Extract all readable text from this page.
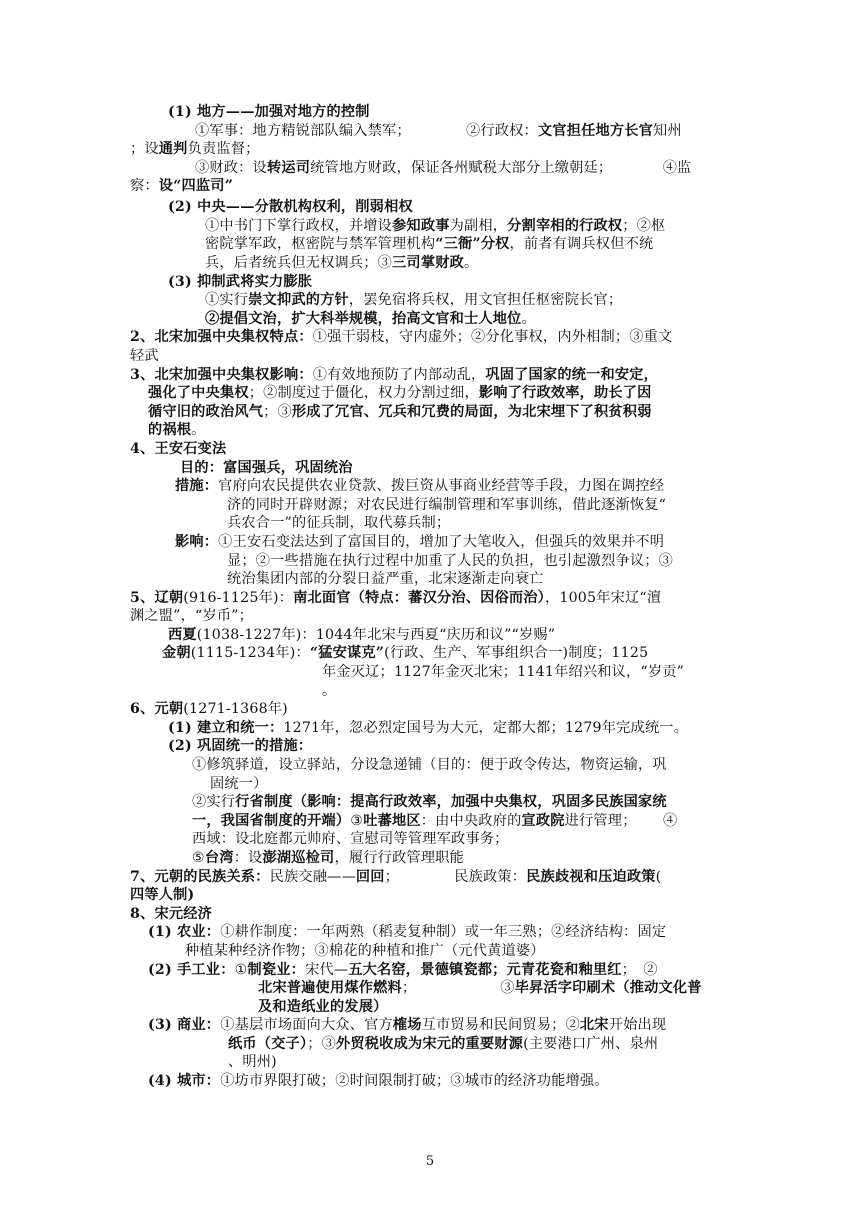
(1) 地方——加强对地方的控制
①军事：地方精锐部队编入禁军；　　　　 ②行政权：文官担任地方长官知州
；设通判负责监督；
③财政：设转运司统管地方财政，保证各州赋税大部分上缴朝廷；　　　　④监
察：设“四监司”
(2) 中央——分散机构权利，削弱相权
①中书门下掌行政权，并增设参知政事为副相，分割宰相的行政权；②枢
密院掌军政，枢密院与禁军管理机构“三衙”分权，前者有调兵权但不统
兵，后者统兵但无权调兵；③三司掌财政。
(3) 抑制武将实力膨胀
①实行崇文抑武的方针，罢免宿将兵权，用文官担任枢密院长官；
②提倡文治，扩大科举规模，抬高文官和士人地位。
2、北宋加强中央集权特点：①强干弱枝，守内虚外；②分化事权，内外相制；③重文
轻武
3、北宋加强中央集权影响：①有效地预防了内部动乱，巩固了国家的统一和安定，
强化了中央集权；②制度过于僵化，权力分割过细，影响了行政效率，助长了因
循守旧的政治风气；③形成了冗官、冗兵和冗费的局面，为北宋埋下了积贫积弱
的祸根。
4、王安石变法
目的：富国强兵，巩固统治
措施：官府向农民提供农业贷款、拨巨资从事商业经营等手段，力图在调控经
济的同时开辟财源；对农民进行编制管理和军事训练，借此逐渐恢复“
兵农合一”的征兵制，取代募兵制；
影响：①王安石变法达到了富国目的，增加了大笔收入，但强兵的效果并不明
显；②一些措施在执行过程中加重了人民的负担，也引起激烈争议；③
统治集团内部的分裂日益严重，北宋逐渐走向衰亡
5、辽朝(916-1125年)：南北面官（特点：蕃汉分治、因俗而治），1005年宋辽“澶
渊之盟”，“岁币”；
西夏(1038-1227年)：1044年北宋与西夏“庆历和议”“岁赐”
金朝(1115-1234年)：“猛安谋克”(行政、生产、军事组织合一)制度；1125
年金灭辽；1127年金灭北宋；1141年绍兴和议，“岁贡”
。
6、元朝(1271-1368年)
(1) 建立和统一：1271年，忽必烈定国号为大元，定都大都；1279年完成统一。
(2) 巩固统一的措施：
①修筑驿道，设立驿站，分设急递铺（目的：便于政令传达，物资运输，巩
固统一）
②实行行省制度（影响：提高行政效率，加强中央集权，巩固多民族国家统
一，我国省制度的开端）③吐蕃地区：由中央政府的宣政院进行管理；　　 ④
西域：设北庭都元帅府、宣慰司等管理军政事务；
⑤台湾：设澎湖巡检司，履行行政管理职能
7、元朝的民族关系：民族交融——回回；　　　　 民族政策：民族歧视和压迫政策(
四等人制)
8、宋元经济
(1) 农业：①耕作制度：一年两熟（稻麦复种制）或一年三熟；②经济结构：固定
种植某种经济作物；③棉花的种植和推广（元代黄道婆）
(2) 手工业：①制瓷业：宋代—五大名窑，景德镇瓷都；元青花瓷和釉里红；　②
北宋普遍使用煤作燃料；　　　　　　 ③毕昇活字印刷术（推动文化普
及和造纸业的发展）
(3) 商业：①基层市场面向大众、官方榷场互市贸易和民间贸易；②北宋开始出现
纸币（交子）；③外贸税收成为宋元的重要财源(主要港口广州、泉州
、明州)
(4) 城市：①坊市界限打破；②时间限制打破；③城市的经济功能增强。
5
